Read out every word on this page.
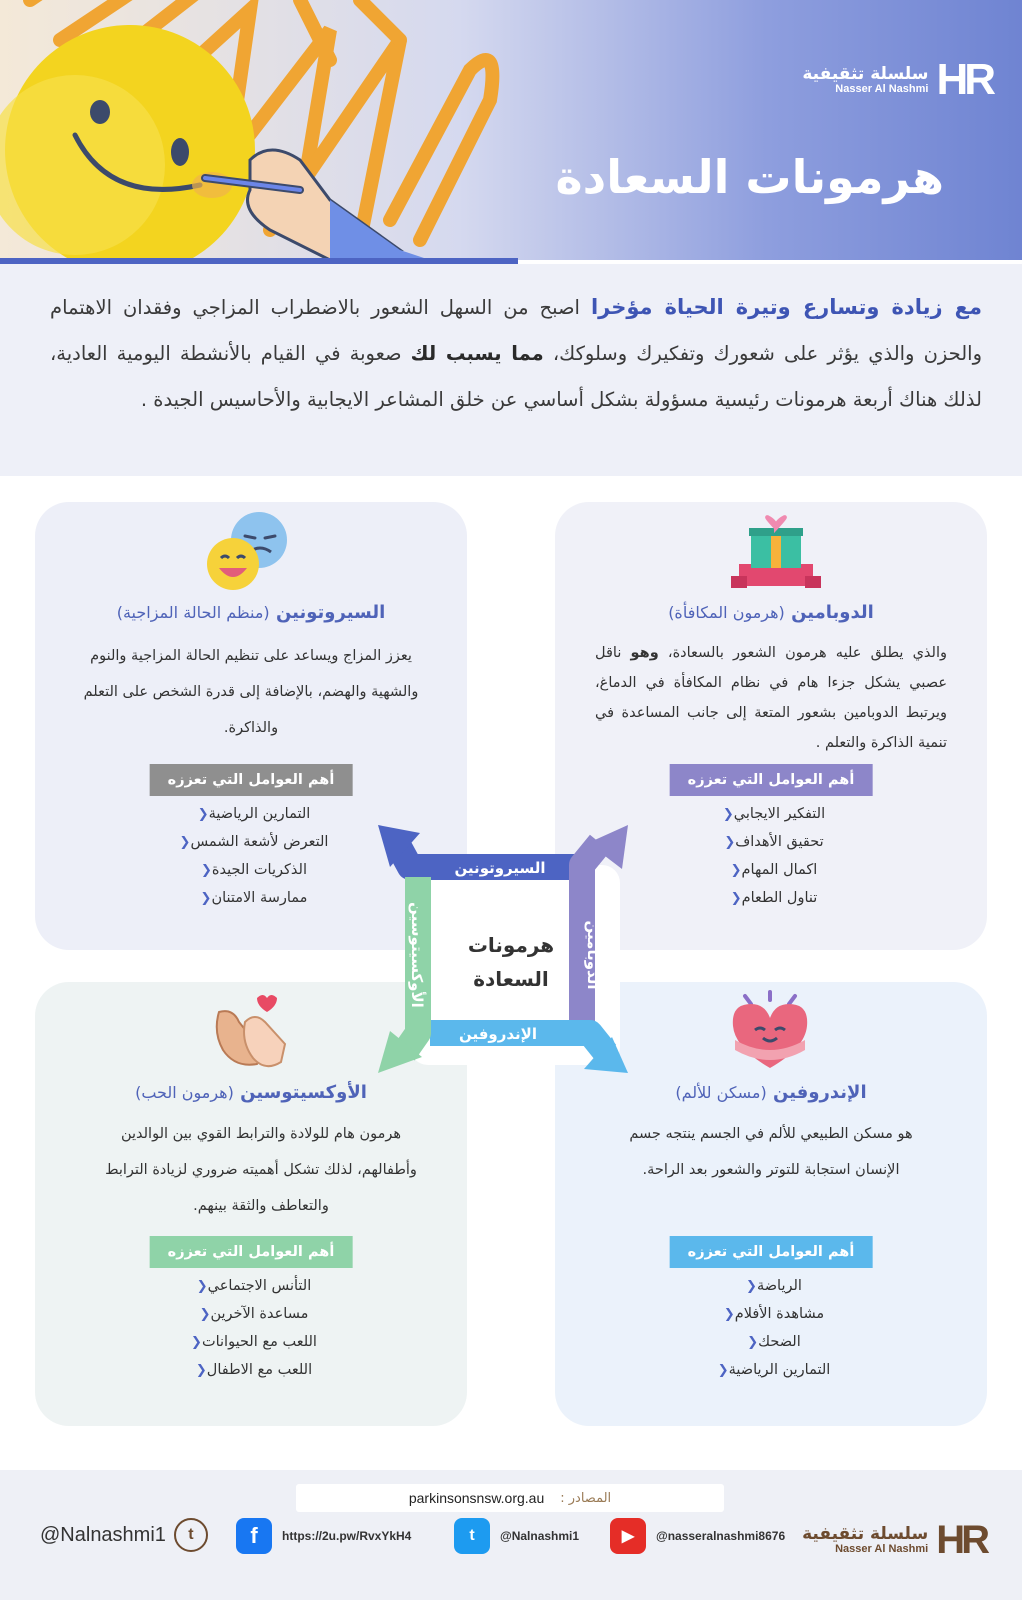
سلسلة تثقيفية
Nasser Al Nashmi HR
هرمونات السعادة

مع زيادة وتسارع وتيرة الحياة مؤخرا اصبح من السهل الشعور بالاضطراب المزاجي وفقدان الاهتمام والحزن والذي يؤثر على شعورك وتفكيرك وسلوكك، مما يسبب لك صعوبة في القيام بالأنشطة اليومية العادية، لذلك هناك أربعة هرمونات رئيسية مسؤولة بشكل أساسي عن خلق المشاعر الايجابية والأحاسيس الجيدة .

الدوبامين (هرمون المكافأة)
والذي يطلق عليه هرمون الشعور بالسعادة، وهو ناقل عصبي يشكل جزءا هام في نظام المكافأة في الدماغ، ويرتبط الدوبامين بشعور المتعة إلى جانب المساعدة في تنمية الذاكرة والتعلم .
أهم العوامل التي تعززه
التفكير الايجابي❮
تحقيق الأهداف❮
اكمال المهام❮
تناول الطعام❮
السيروتونين (منظم الحالة المزاجية)
يعزز المزاج ويساعد على تنظيم الحالة المزاجية والنوم والشهية والهضم، بالإضافة إلى قدرة الشخص على التعلم والذاكرة.
أهم العوامل التي تعززه
التمارين الرياضية❮
التعرض لأشعة الشمس❮
الذكريات الجيدة❮
ممارسة الامتنان❮
الإندروفين (مسكن للألم)
هو مسكن الطبيعي للألم في الجسم ينتجه جسم الإنسان استجابة للتوتر والشعور بعد الراحة.
أهم العوامل التي تعززه
الرياضة❮
مشاهدة الأفلام❮
الضحك❮
التمارين الرياضية❮
الأوكسيتوسين (هرمون الحب)
هرمون هام للولادة والترابط القوي بين الوالدين وأطفالهم، لذلك تشكل أهميته ضروري لزيادة الترابط والتعاطف والثقة بينهم.
أهم العوامل التي تعززه
التأنس الاجتماعي❮
مساعدة الآخرين❮
اللعب مع الحيوانات❮
اللعب مع الاطفال❮
السيروتونين
الإندروفين
الدوبامين
الأوكسيتوسين	هرمونات
السعادة
المصادر :
parkinsonsnsw.org.au
سلسلة تثقيفية
Nasser Al Nashmi HR
▶	@nasseralnashmi8676
t	@Nalnashmi1
f	https://2u.pw/RvxYkH4
@Nalnashmi1 t
